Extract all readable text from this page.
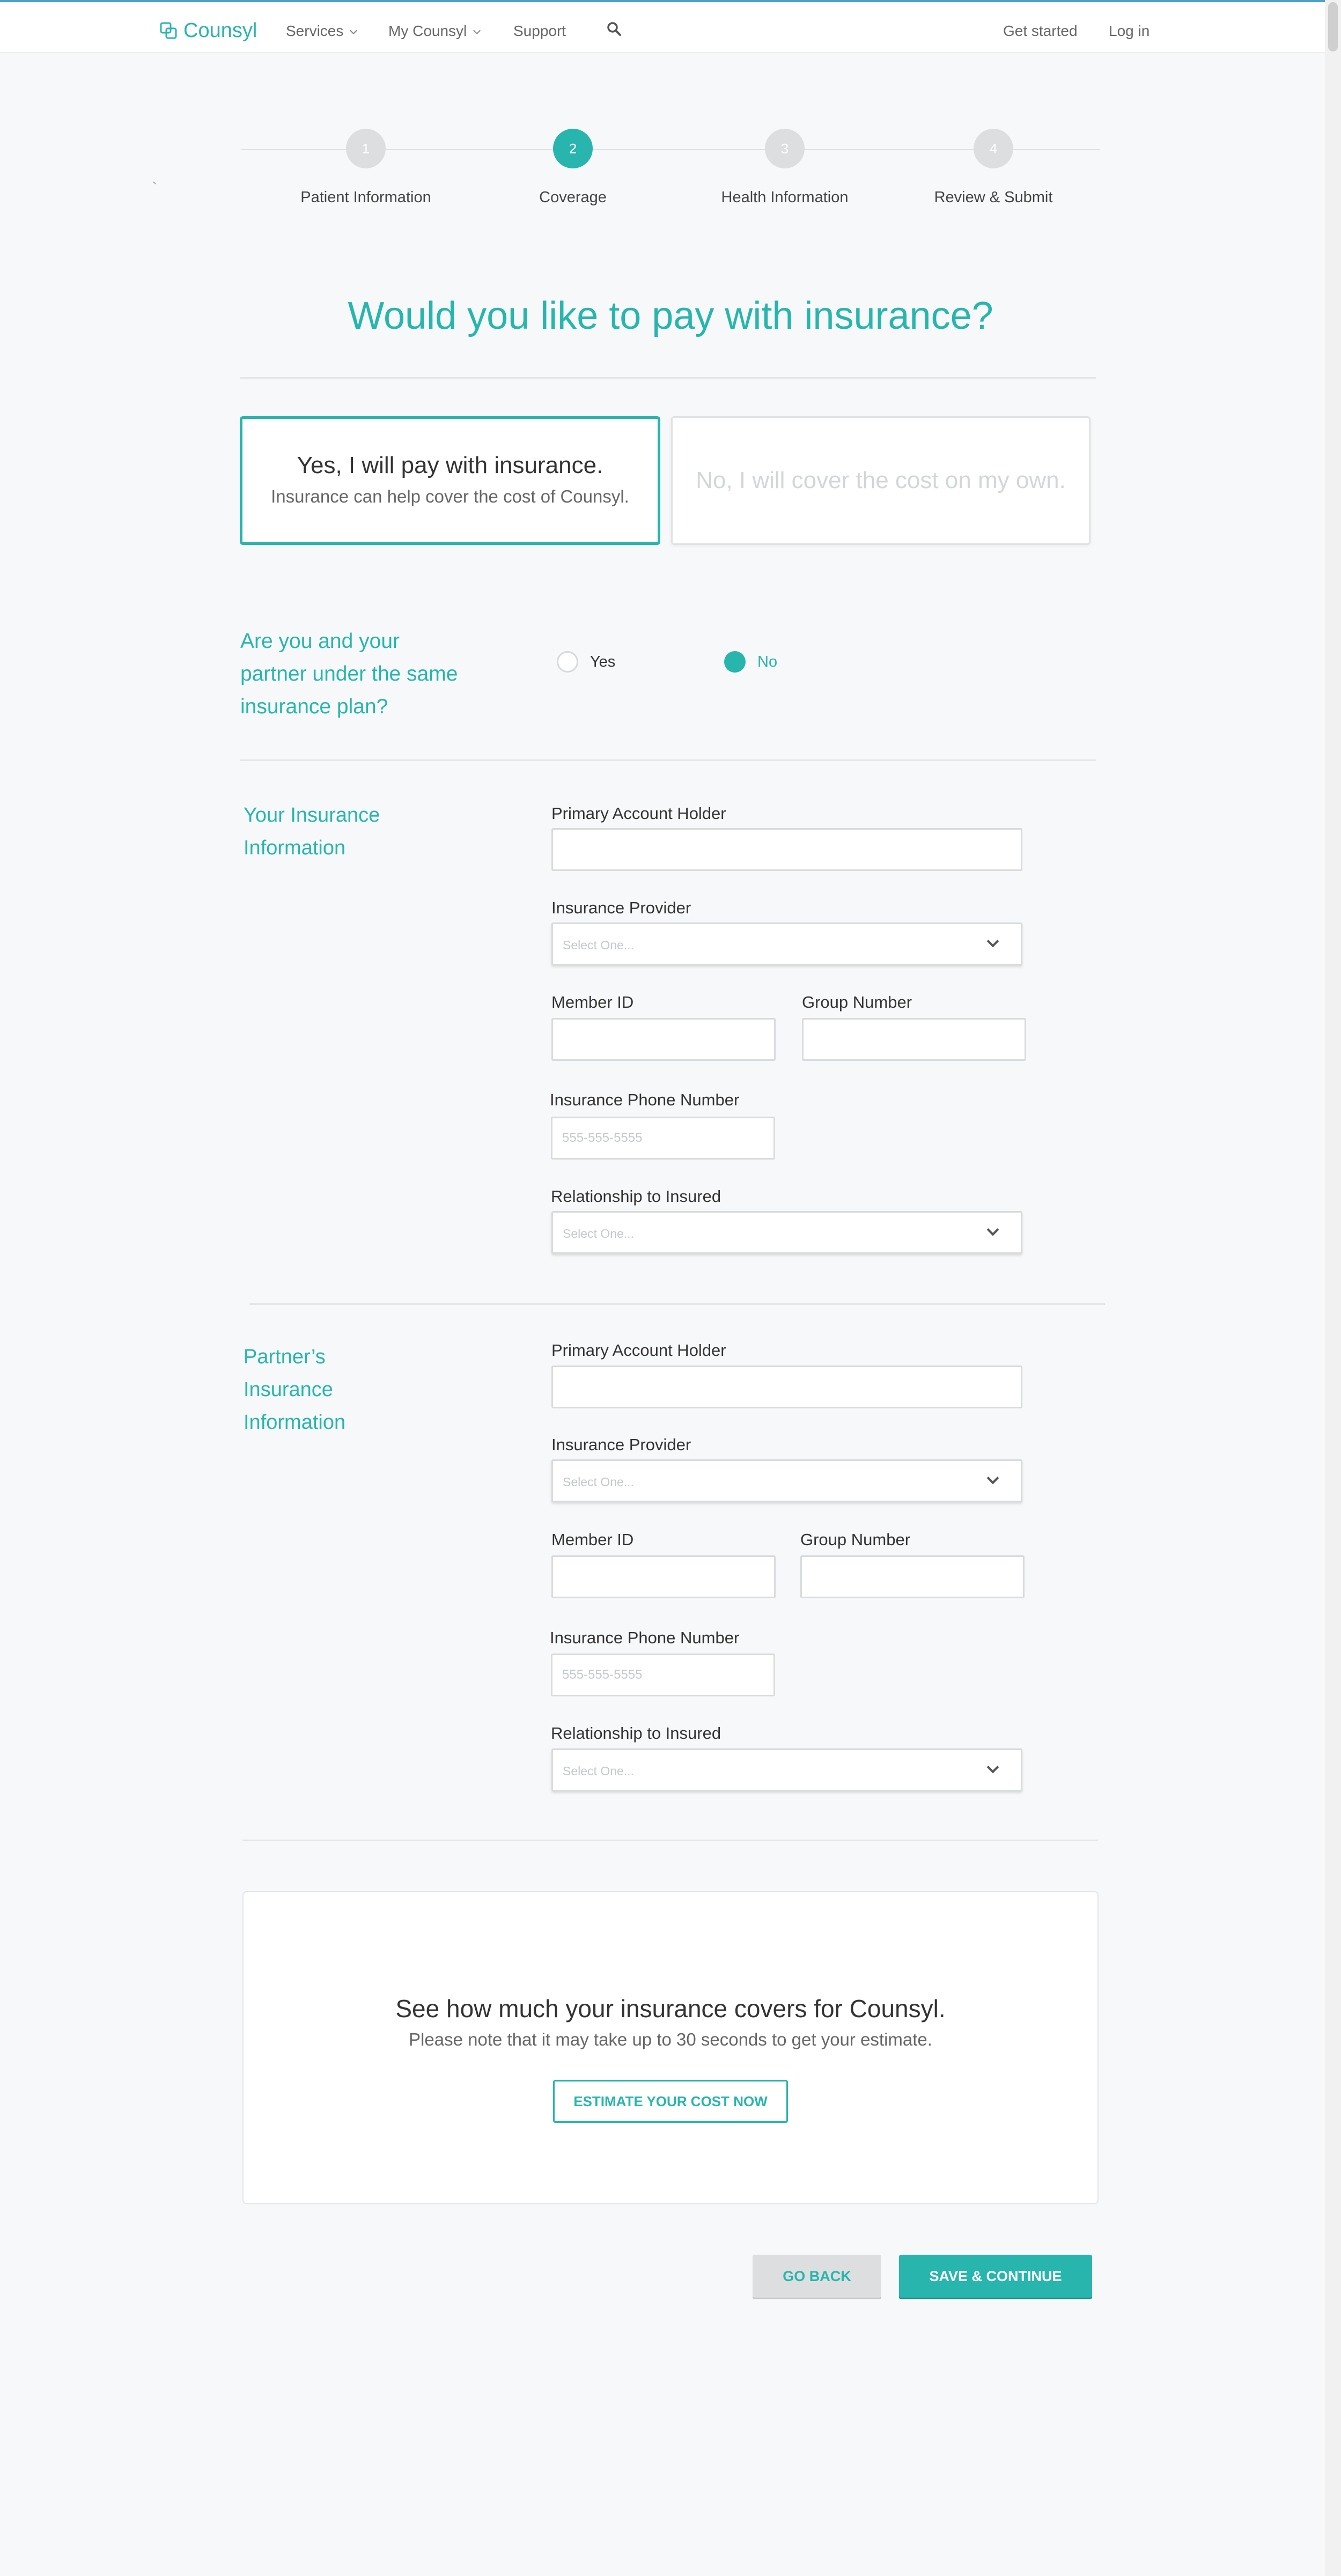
Counsyl Services	My Counsyl	Support	Get started Log in
1
Patient Information
2
Coverage
3
Health Information
4
Review & Submit
Would you like to pay with insurance?
Yes, I will pay with insurance.
Insurance can help cover the cost of Counsyl.
No, I will cover the cost on my own.
Are you and your partner under the same insurance plan?
Yes	No
Your Insurance Information
Primary Account Holder
Insurance Provider
Select One...
Member ID	Group Number
Insurance Phone Number
555-555-5555
Relationship to Insured
Select One...
Partner’s Insurance Information
Primary Account Holder
Insurance Provider
Select One...
Member ID	Group Number
Insurance Phone Number
555-555-5555
Relationship to Insured
Select One...
See how much your insurance covers for Counsyl.
Please note that it may take up to 30 seconds to get your estimate.
ESTIMATE YOUR COST NOW
GO BACK	SAVE & CONTINUE
